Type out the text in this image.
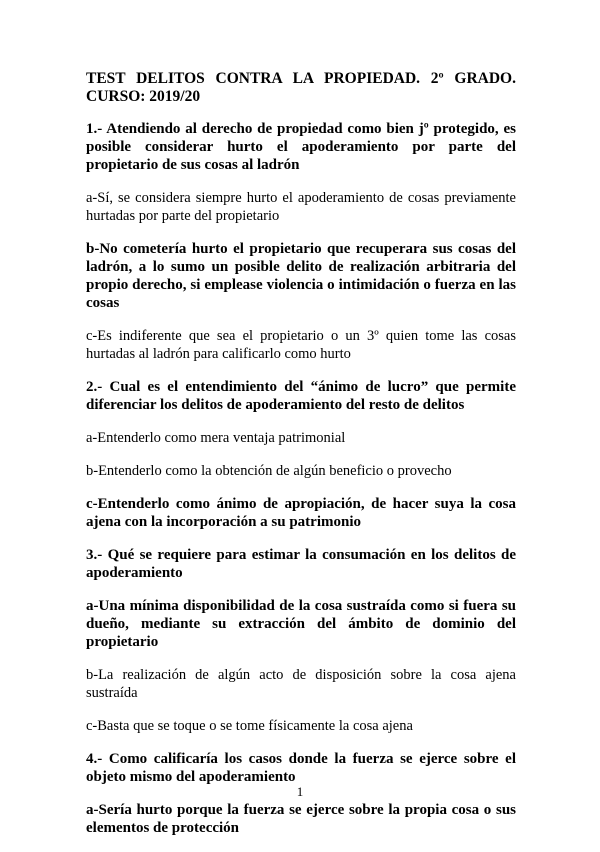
TEST DELITOS CONTRA LA PROPIEDAD. 2º GRADO. CURSO: 2019/20

1.- Atendiendo al derecho de propiedad como bien jº protegido, es posible considerar hurto el apoderamiento por parte del propietario de sus cosas al ladrón

a-Sí, se considera siempre hurto el apoderamiento de cosas previamente hurtadas por parte del propietario

b-No cometería hurto el propietario que recuperara sus cosas del ladrón, a lo sumo un posible delito de realización arbitraria del propio derecho, si emplease violencia o intimidación o fuerza en las cosas

c-Es indiferente que sea el propietario o un 3º quien tome las cosas hurtadas al ladrón para calificarlo como hurto

2.- Cual es el entendimiento del “ánimo de lucro” que permite diferenciar los delitos de apoderamiento del resto de delitos

a-Entenderlo como mera ventaja patrimonial

b-Entenderlo como la obtención de algún beneficio o provecho

c-Entenderlo como ánimo de apropiación, de hacer suya la cosa ajena con la incorporación a su patrimonio

3.- Qué se requiere para estimar la consumación en los delitos de apoderamiento

a-Una mínima disponibilidad de la cosa sustraída como si fuera su dueño, mediante su extracción del ámbito de dominio del propietario

b-La realización de algún acto de disposición sobre la cosa ajena sustraída

c-Basta que se toque o se tome físicamente la cosa ajena

4.- Como calificaría los casos donde la fuerza se ejerce sobre el objeto mismo del apoderamiento

a-Sería hurto porque la fuerza se ejerce sobre la propia cosa o sus elementos de protección

1
